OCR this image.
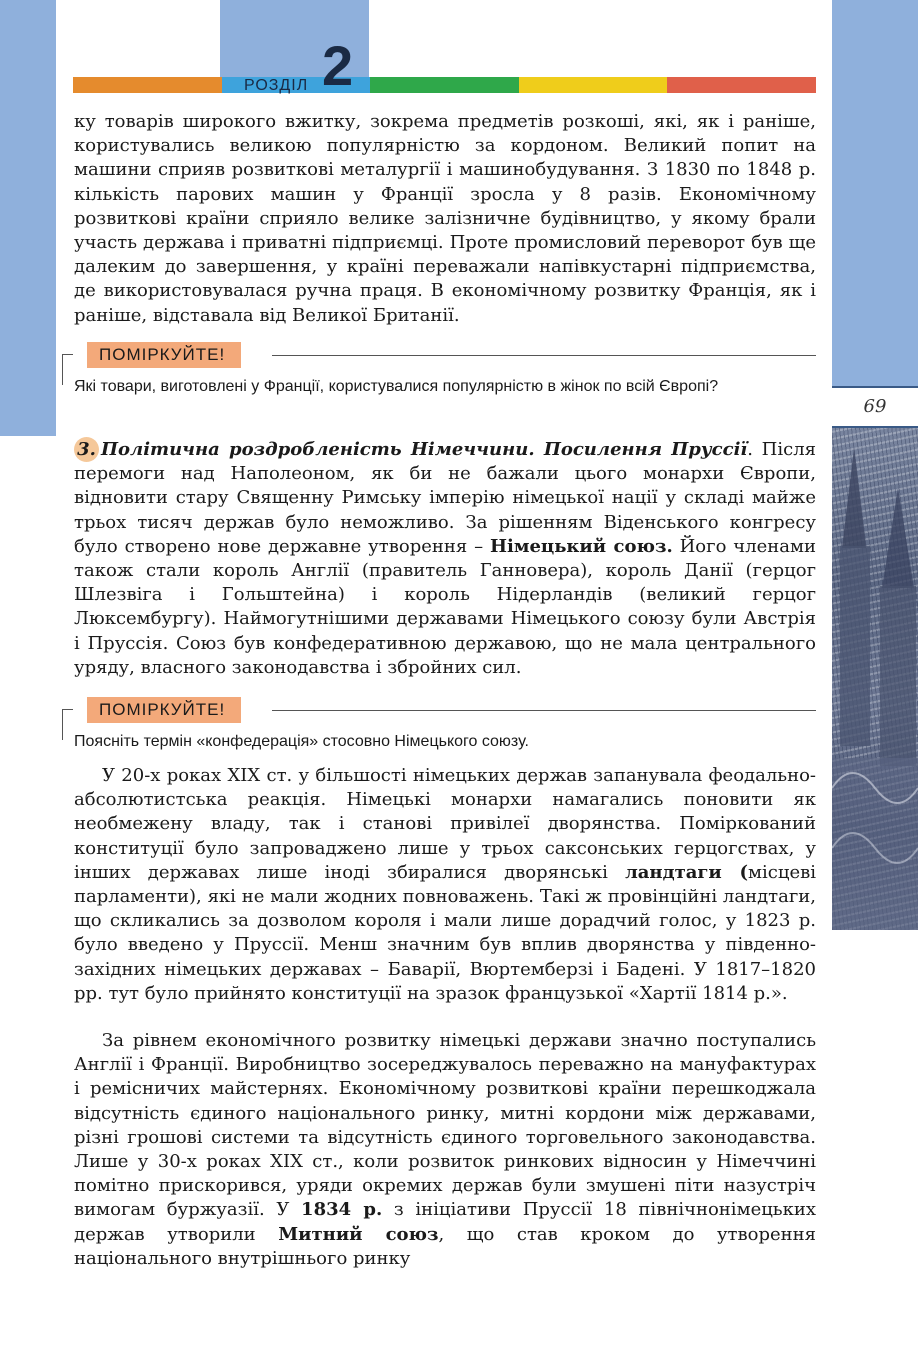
РОЗДІЛ 2
69

ку товарів широкого вжитку, зокрема предметів розкоші, які, як і раніше, користувались великою популярністю за кордоном. Великий попит на машини сприяв розвиткові металургії і машинобудування. З 1830 по 1848 р. кількість парових машин у Франції зросла у 8 разів. Економічному розвиткові країни сприяло велике залізничне будівництво, у якому брали участь держава і приватні підприємці. Проте промисловий переворот був ще далеким до завершення, у країні переважали напівкустарні підприємства, де використовувалася ручна праця. В економічному розвитку Франція, як і раніше, відставала від Великої Британії.

ПОМІРКУЙТЕ!

Які товари, виготовлені у Франції, користувалися популярністю в жінок по всій Європі?

3. Політична роздробленість Німеччини. Посилення Пруссії. Після перемоги над Наполеоном, як би не бажали цього монархи Європи, відновити стару Священну Римську імперію німецької нації у складі майже трьох тисяч держав було неможливо. За рішенням Віденського конгресу було створено нове державне утворення – Німецький союз. Його членами також стали король Англії (правитель Ганновера), король Данії (герцог Шлезвіга і Гольштейна) і король Нідерландів (великий герцог Люксембургу). Наймогутнішими державами Німецького союзу були Австрія і Пруссія. Союз був конфедеративною державою, що не мала центрального уряду, власного законодавства і збройних сил.

ПОМІРКУЙТЕ!

Поясніть термін «конфедерація» стосовно Німецького союзу.

У 20-х роках XIX ст. у більшості німецьких держав запанувала феодально-абсолютистська реакція. Німецькі монархи намагались поновити як необмежену владу, так і станові привілеї дворянства. Поміркований конституції було запроваджено лише у трьох саксонських герцогствах, у інших державах лише іноді збиралися дворянські ландтаги (місцеві парламенти), які не мали жодних повноважень. Такі ж провінційні ландтаги, що скликались за дозволом короля і мали лише дорадчий голос, у 1823 р. було введено у Пруссії. Менш значним був вплив дворянства у південно-західних німецьких державах – Баварії, Вюртемберзі і Бадені. У 1817–1820 рр. тут було прийнято конституції на зразок французької «Хартії 1814 р.».

За рівнем економічного розвитку німецькі держави значно поступались Англії і Франції. Виробництво зосереджувалось переважно на мануфактурах і ремісничих майстернях. Економічному розвиткові країни перешкоджала відсутність єдиного національного ринку, митні кордони між державами, різні грошові системи та відсутність єдиного торговельного законодавства. Лише у 30-х роках XIX ст., коли розвиток ринкових відносин у Німеччині помітно прискорився, уряди окремих держав були змушені піти назустріч вимогам буржуазії. У 1834 р. з ініціативи Пруссії 18 північнонімецьких держав утворили Митний союз, що став кроком до утворення національного внутрішнього ринку
